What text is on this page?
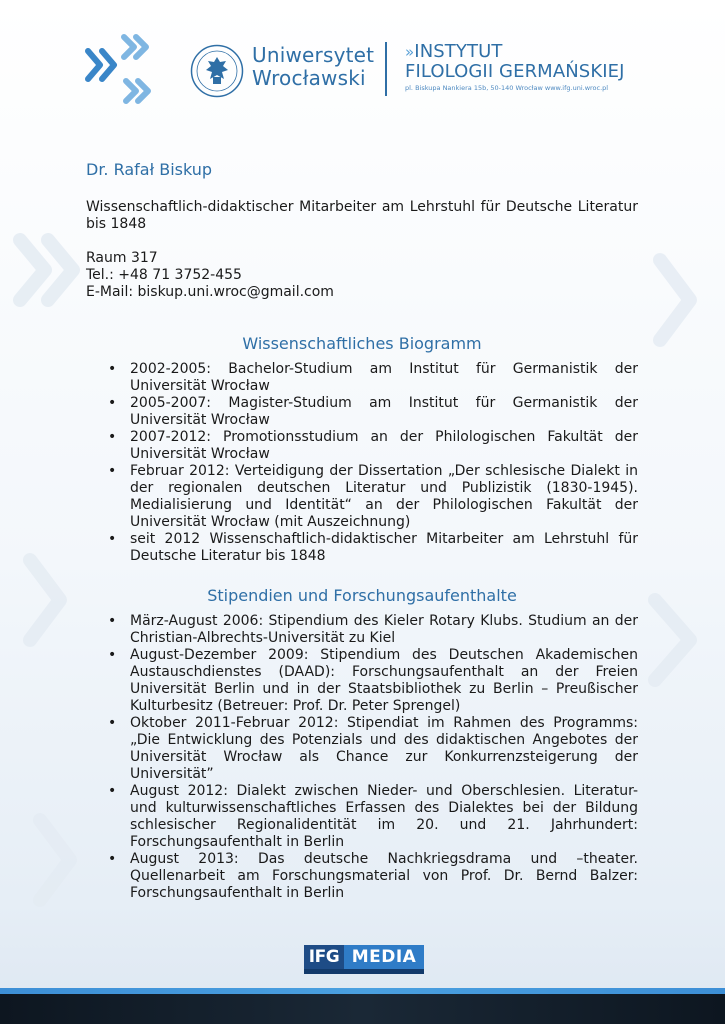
Uniwersytet
Wrocławski
»INSTYTUT
FILOLOGII GERMAŃSKIEJ
pl. Biskupa Nankiera 15b, 50-140 Wrocław www.ifg.uni.wroc.pl
Dr. Rafał Biskup

Wissenschaftlich-didaktischer Mitarbeiter am Lehrstuhl für Deutsche Literatur bis 1848

Raum 317

Tel.: +48 71 3752-455

E-Mail: biskup.uni.wroc@gmail.com

Wissenschaftliches Biogramm
• 2002-2005: Bachelor-Studium am Institut für Germanistik der Universität Wrocław
• 2005-2007: Magister-Studium am Institut für Germanistik der Universität Wrocław
• 2007-2012: Promotionsstudium an der Philologischen Fakultät der Universität Wrocław
• Februar 2012: Verteidigung der Dissertation „Der schlesische Dialekt in der regionalen deutschen Literatur und Publizistik (1830-1945). Medialisierung und Identität“ an der Philologischen Fakultät der Universität Wrocław (mit Auszeichnung)
• seit 2012 Wissenschaftlich-didaktischer Mitarbeiter am Lehrstuhl für Deutsche Literatur bis 1848
Stipendien und Forschungsaufenthalte
• März-August 2006: Stipendium des Kieler Rotary Klubs. Studium an der Christian-Albrechts-Universität zu Kiel
• August-Dezember 2009: Stipendium des Deutschen Akademischen Austauschdienstes (DAAD): Forschungsaufenthalt an der Freien Universität Berlin und in der Staatsbibliothek zu Berlin – Preußischer Kulturbesitz (Betreuer: Prof. Dr. Peter Sprengel)
• Oktober 2011-Februar 2012: Stipendiat im Rahmen des Programms: „Die Entwicklung des Potenzials und des didaktischen Angebotes der Universität Wrocław als Chance zur Konkurrenzsteigerung der Universität”
• August 2012: Dialekt zwischen Nieder- und Oberschlesien. Literatur- und kulturwissenschaftliches Erfassen des Dialektes bei der Bildung schlesischer Regionalidentität im 20. und 21. Jahrhundert: Forschungsaufenthalt in Berlin
• August 2013: Das deutsche Nachkriegsdrama und –theater. Quellenarbeit am Forschungsmaterial von Prof. Dr. Bernd Balzer: Forschungsaufenthalt in Berlin
IFG MEDIA
